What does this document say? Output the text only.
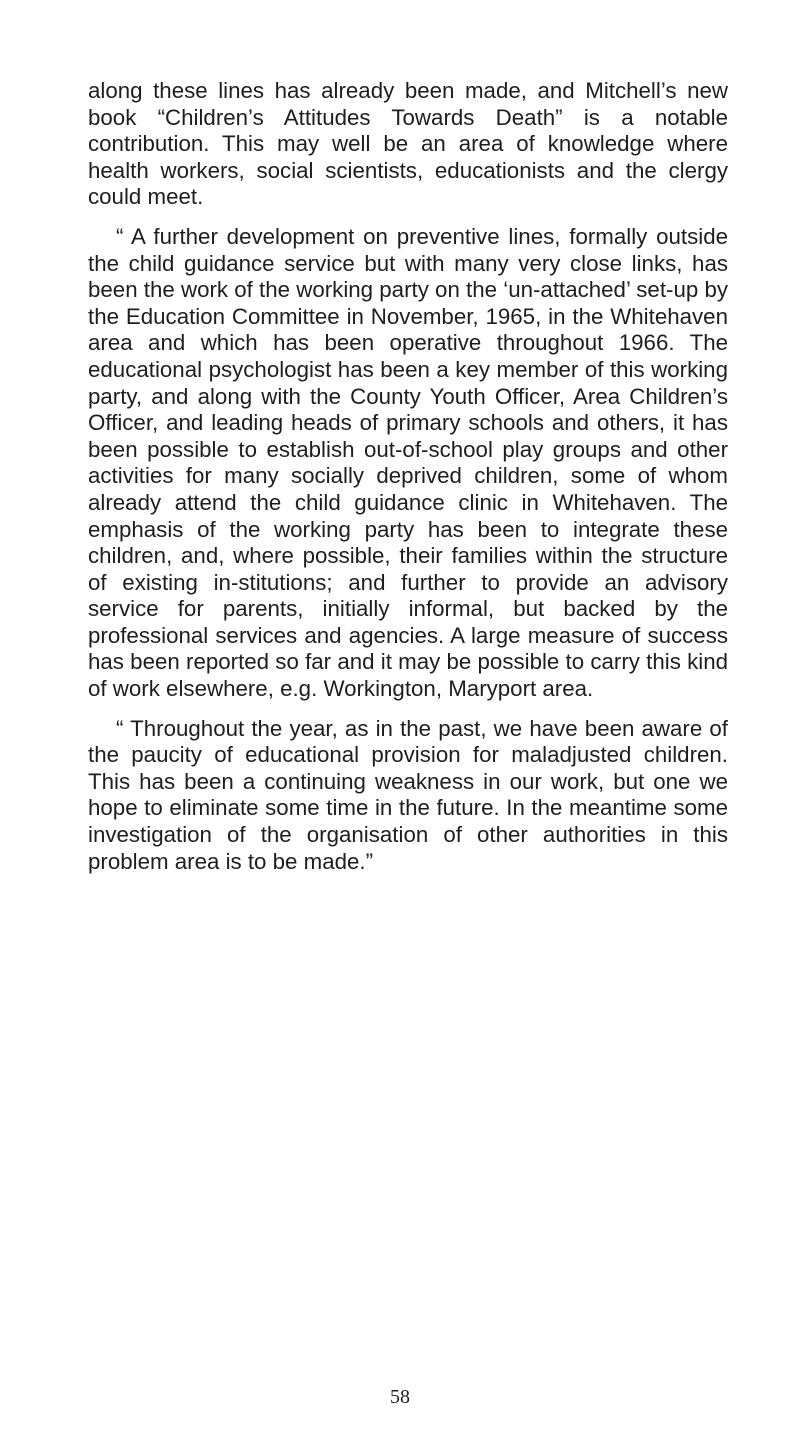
along these lines has already been made, and Mitchell’s new book “Children’s Attitudes Towards Death” is a notable contribution. This may well be an area of knowledge where health workers, social scientists, educationists and the clergy could meet.

“ A further development on preventive lines, formally outside the child guidance service but with many very close links, has been the work of the working party on the ‘un-attached’ set-up by the Education Committee in November, 1965, in the Whitehaven area and which has been operative throughout 1966. The educational psychologist has been a key member of this working party, and along with the County Youth Officer, Area Children’s Officer, and leading heads of primary schools and others, it has been possible to establish out-of-school play groups and other activities for many socially deprived children, some of whom already attend the child guidance clinic in Whitehaven. The emphasis of the working party has been to integrate these children, and, where possible, their families within the structure of existing in-stitutions; and further to provide an advisory service for parents, initially informal, but backed by the professional services and agencies. A large measure of success has been reported so far and it may be possible to carry this kind of work elsewhere, e.g. Workington, Maryport area.

“ Throughout the year, as in the past, we have been aware of the paucity of educational provision for maladjusted children. This has been a continuing weakness in our work, but one we hope to eliminate some time in the future. In the meantime some investigation of the organisation of other authorities in this problem area is to be made.”

58
